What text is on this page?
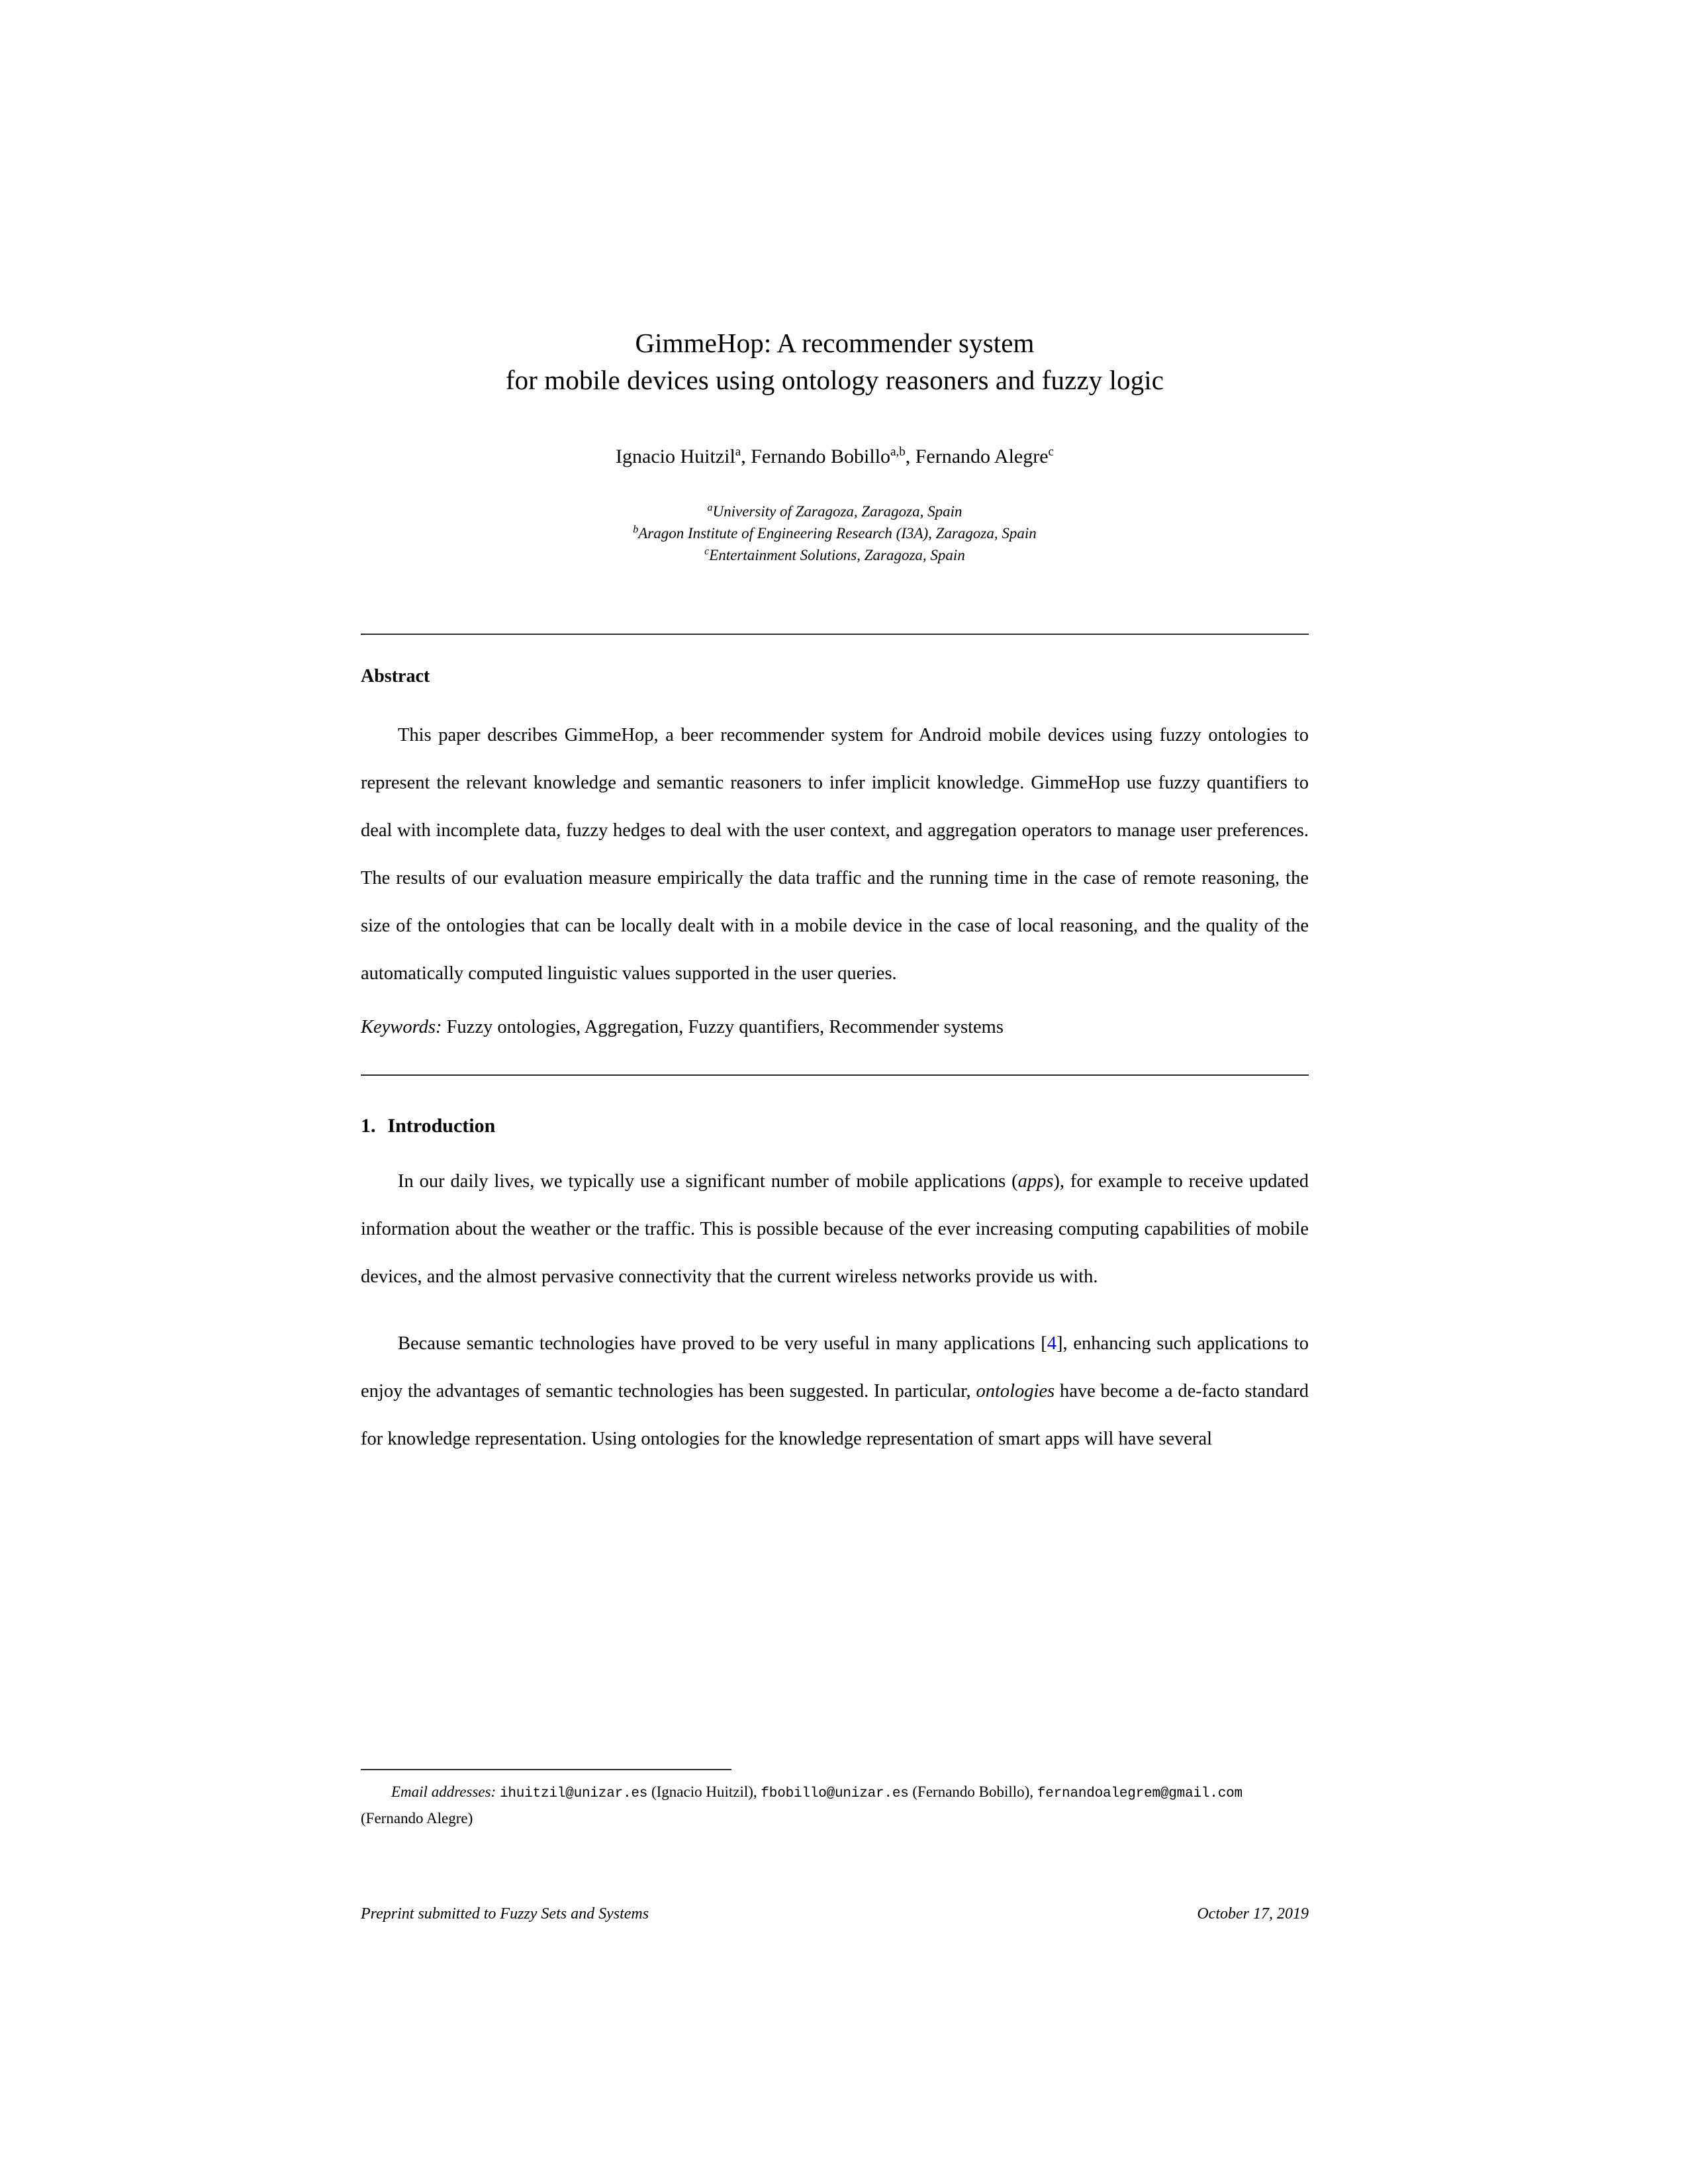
GimmeHop: A recommender system
for mobile devices using ontology reasoners and fuzzy logic
Ignacio Huitzil$^a$, Fernando Bobillo$^{a,b}$, Fernando Alegre$^c$
$^a$University of Zaragoza, Zaragoza, Spain
$^b$Aragon Institute of Engineering Research (I3A), Zaragoza, Spain
$^c$Entertainment Solutions, Zaragoza, Spain
Abstract
This paper describes GimmeHop, a beer recommender system for Android mobile devices using fuzzy ontologies to represent the relevant knowledge and semantic reasoners to infer implicit knowledge. GimmeHop use fuzzy quantifiers to deal with incomplete data, fuzzy hedges to deal with the user context, and aggregation operators to manage user preferences. The results of our evaluation measure empirically the data traffic and the running time in the case of remote reasoning, the size of the ontologies that can be locally dealt with in a mobile device in the case of local reasoning, and the quality of the automatically computed linguistic values supported in the user queries.
Keywords: Fuzzy ontologies, Aggregation, Fuzzy quantifiers, Recommender systems
1. Introduction

In our daily lives, we typically use a significant number of mobile applications (apps), for example to receive updated information about the weather or the traffic. This is possible because of the ever increasing computing capabilities of mobile devices, and the almost pervasive connectivity that the current wireless networks provide us with.

Because semantic technologies have proved to be very useful in many applications [4], enhancing such applications to enjoy the advantages of semantic technologies has been suggested. In particular, ontologies have become a de-facto standard for knowledge representation. Using ontologies for the knowledge representation of smart apps will have several

Email addresses: ihuitzil@unizar.es (Ignacio Huitzil), fbobillo@unizar.es (Fernando Bobillo), fernandoalegrem@gmail.com (Fernando Alegre)
Preprint submitted to Fuzzy Sets and Systems	October 17, 2019
